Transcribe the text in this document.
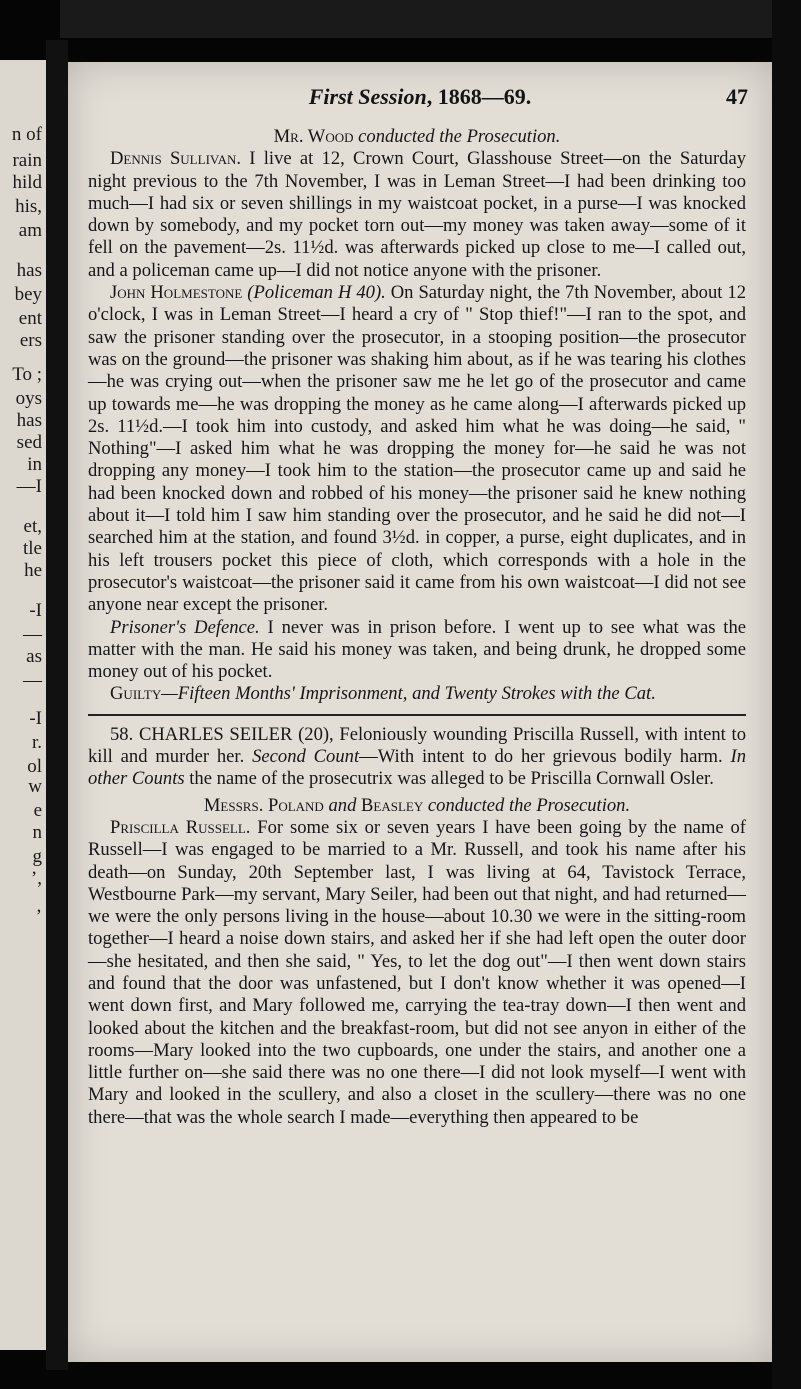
n of
rain
hild
his,
am
has
bey
ent
ers
To ;
oys
has
sed
in
—I
et,
tle
he
-I
—
as
—
-I
r.
ol
w
e
n
g
’,
’
First Session, 1868—69.	47

Mr. Wood conducted the Prosecution.

Dennis Sullivan. I live at 12, Crown Court, Glasshouse Street—on the Saturday night previous to the 7th November, I was in Leman Street—I had been drinking too much—I had six or seven shillings in my waistcoat pocket, in a purse—I was knocked down by somebody, and my pocket torn out—my money was taken away—some of it fell on the pavement—2s. 11½d. was afterwards picked up close to me—I called out, and a policeman came up—I did not notice anyone with the prisoner.

John Holmestone (Policeman H 40). On Saturday night, the 7th November, about 12 o'clock, I was in Leman Street—I heard a cry of " Stop thief!"—I ran to the spot, and saw the prisoner standing over the prosecutor, in a stooping position—the prosecutor was on the ground—the prisoner was shaking him about, as if he was tearing his clothes—he was crying out—when the prisoner saw me he let go of the prosecutor and came up towards me—he was dropping the money as he came along—I afterwards picked up 2s. 11½d.—I took him into custody, and asked him what he was doing—he said, " Nothing"—I asked him what he was dropping the money for—he said he was not dropping any money—I took him to the station—the prosecutor came up and said he had been knocked down and robbed of his money—the prisoner said he knew nothing about it—I told him I saw him standing over the prosecutor, and he said he did not—I searched him at the station, and found 3½d. in copper, a purse, eight duplicates, and in his left trousers pocket this piece of cloth, which corresponds with a hole in the prosecutor's waistcoat—the prisoner said it came from his own waistcoat—I did not see anyone near except the prisoner.

Prisoner's Defence. I never was in prison before. I went up to see what was the matter with the man. He said his money was taken, and being drunk, he dropped some money out of his pocket.

Guilty—Fifteen Months' Imprisonment, and Twenty Strokes with the Cat.

58. CHARLES SEILER (20), Feloniously wounding Priscilla Russell, with intent to kill and murder her. Second Count—With intent to do her grievous bodily harm. In other Counts the name of the prosecutrix was alleged to be Priscilla Cornwall Osler.

Messrs. Poland and Beasley conducted the Prosecution.

Priscilla Russell. For some six or seven years I have been going by the name of Russell—I was engaged to be married to a Mr. Russell, and took his name after his death—on Sunday, 20th September last, I was living at 64, Tavistock Terrace, Westbourne Park—my servant, Mary Seiler, had been out that night, and had returned—we were the only persons living in the house—about 10.30 we were in the sitting-room together—I heard a noise down stairs, and asked her if she had left open the outer door—she hesitated, and then she said, " Yes, to let the dog out"—I then went down stairs and found that the door was unfastened, but I don't know whether it was opened—I went down first, and Mary followed me, carrying the tea-tray down—I then went and looked about the kitchen and the breakfast-room, but did not see anyon in either of the rooms—Mary looked into the two cupboards, one under the stairs, and another one a little further on—she said there was no one there—I did not look myself—I went with Mary and looked in the scullery, and also a closet in the scullery—there was no one there—that was the whole search I made—everything then appeared to be
